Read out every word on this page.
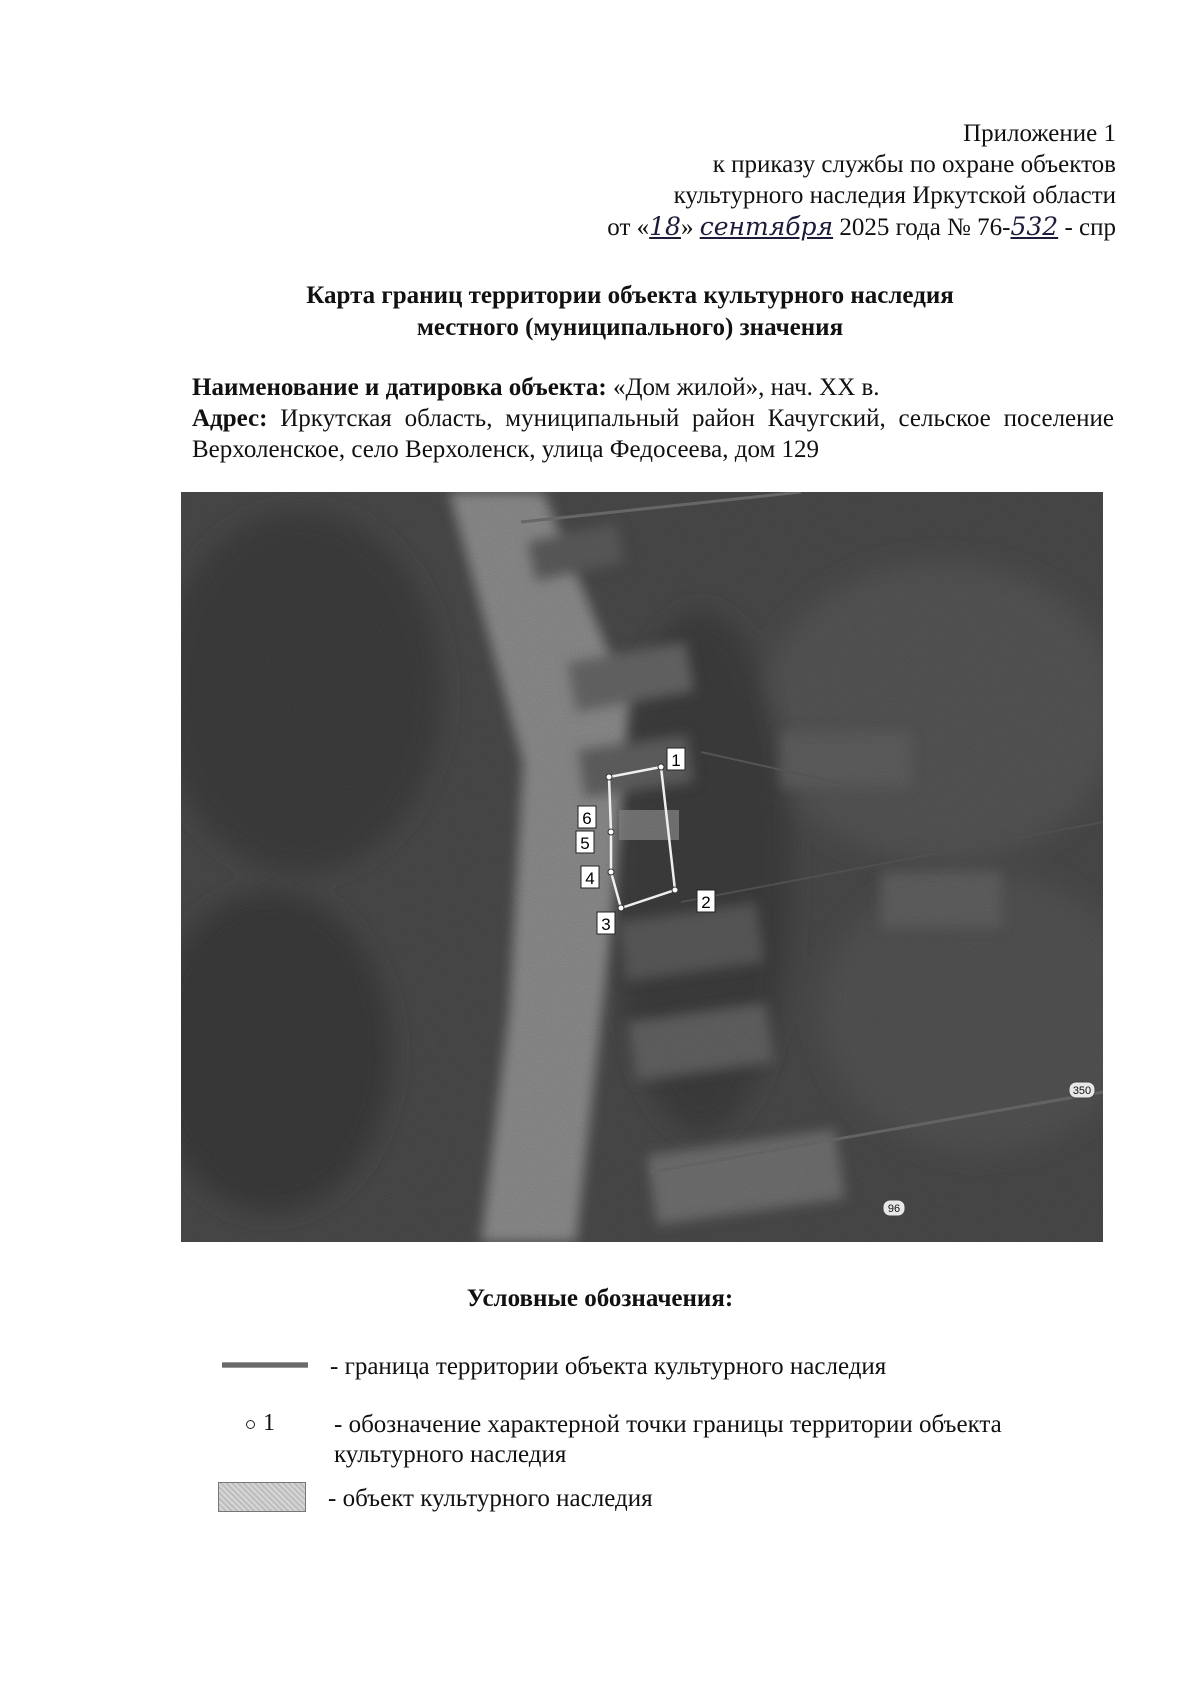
Приложение 1
к приказу службы по охране объектов
культурного наследия Иркутской области
от «18» сентября 2025 года № 76-532 - спр
Карта границ территории объекта культурного наследия
местного (муниципального) значения
Наименование и датировка объекта: «Дом жилой», нач. XX в.
Адрес: Иркутская область, муниципальный район Качугский, сельское поселение Верхоленское, село Верхоленск, улица Федосеева, дом 129
1
2
3
4
5
6
350
96
Условные обозначения:
- граница территории объекта культурного наследия
1 - обозначение характерной точки границы территории объекта культурного наследия
- объект культурного наследия
